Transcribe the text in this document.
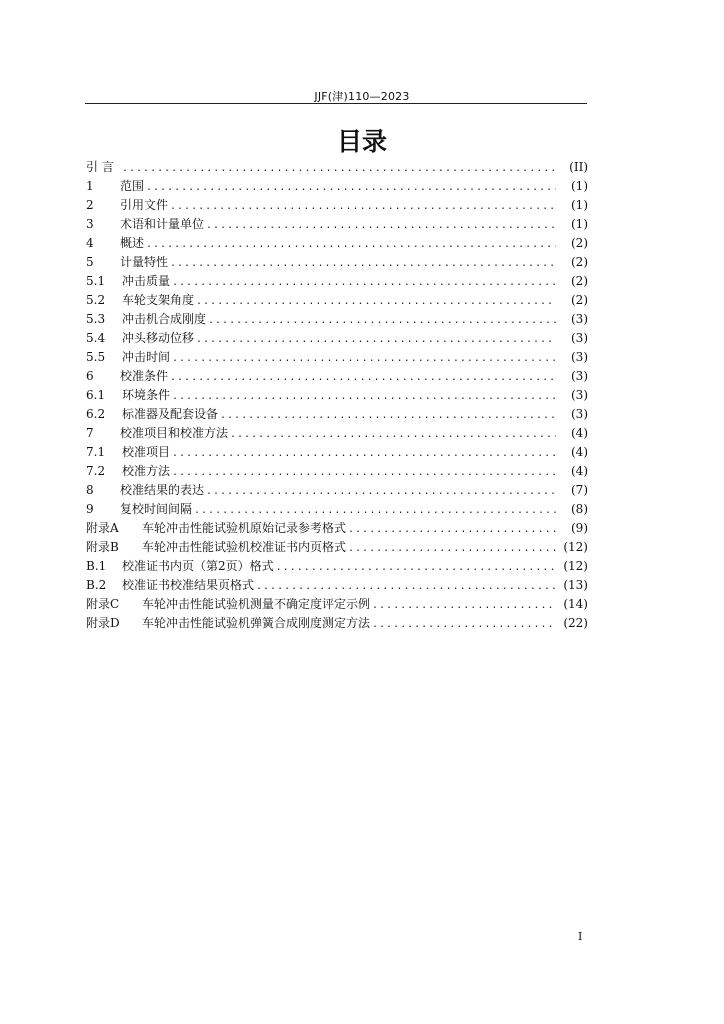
JJF(津)110—2023
目录
引 言 .....	(II)
1	范围 .....	(1)
2	引用文件 .....	(1)
3	术语和计量单位 .....	(1)
4	概述 .....	(2)
5	计量特性 .....	(2)
5.1	冲击质量 .....	(2)
5.2	车轮支架角度 .....	(2)
5.3	冲击机合成刚度 .....	(3)
5.4	冲头移动位移 .....	(3)
5.5	冲击时间 .....	(3)
6	校准条件 .....	(3)
6.1	环境条件 .....	(3)
6.2	标准器及配套设备 .....	(3)
7	校准项目和校准方法 .....	(4)
7.1	校准项目 .....	(4)
7.2	校准方法 .....	(4)
8	校准结果的表达 .....	(7)
9	复校时间间隔 .....	(8)
附录A	车轮冲击性能试验机原始记录参考格式 .....	(9)
附录B	车轮冲击性能试验机校准证书内页格式 .....	(12)
B.1	校准证书内页（第2页）格式 .....	(12)
B.2	校准证书校准结果页格式 .....	(13)
附录C	车轮冲击性能试验机测量不确定度评定示例 .....	(14)
附录D	车轮冲击性能试验机弹簧合成刚度测定方法 .....	(22)
I
